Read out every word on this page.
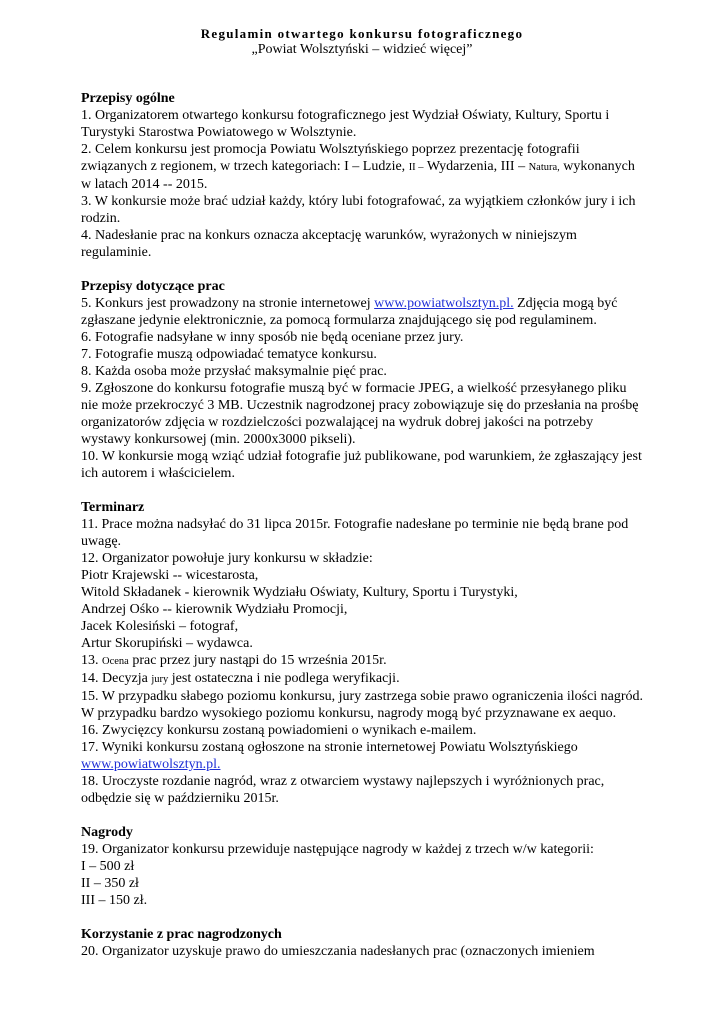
Regulamin otwartego konkursu fotograficznego
„Powiat Wolsztyński – widzieć więcej”
Przepisy ogólne
1. Organizatorem otwartego konkursu fotograficznego jest Wydział Oświaty, Kultury, Sportu i Turystyki Starostwa Powiatowego w Wolsztynie.
2. Celem konkursu jest promocja Powiatu Wolsztyńskiego poprzez prezentację fotografii związanych z regionem, w trzech kategoriach: I – Ludzie, II – Wydarzenia, III – Natura, wykonanych w latach 2014 -- 2015.
3. W konkursie może brać udział każdy, który lubi fotografować, za wyjątkiem członków jury i ich rodzin.
4. Nadesłanie prac na konkurs oznacza akceptację warunków, wyrażonych w niniejszym regulaminie.
Przepisy dotyczące prac
5. Konkurs jest prowadzony na stronie internetowej www.powiatwolsztyn.pl. Zdjęcia mogą być zgłaszane jedynie elektronicznie, za pomocą formularza znajdującego się pod regulaminem.
6. Fotografie nadsyłane w inny sposób nie będą oceniane przez jury.
7. Fotografie muszą odpowiadać tematyce konkursu.
8. Każda osoba może przysłać maksymalnie pięć prac.
9. Zgłoszone do konkursu fotografie muszą być w formacie JPEG, a wielkość przesyłanego pliku nie może przekroczyć 3 MB. Uczestnik nagrodzonej pracy zobowiązuje się do przesłania na prośbę organizatorów zdjęcia w rozdzielczości pozwalającej na wydruk dobrej jakości na potrzeby wystawy konkursowej (min. 2000x3000 pikseli).
10. W konkursie mogą wziąć udział fotografie już publikowane, pod warunkiem, że zgłaszający jest ich autorem i właścicielem.
Terminarz
11. Prace można nadsyłać do 31 lipca 2015r. Fotografie nadesłane po terminie nie będą brane pod uwagę.
12. Organizator powołuje jury konkursu w składzie:
Piotr Krajewski -- wicestarosta,
Witold Składanek - kierownik Wydziału Oświaty, Kultury, Sportu i Turystyki,
Andrzej Ośko -- kierownik Wydziału Promocji,
Jacek Kolesiński – fotograf,
Artur Skorupiński – wydawca.
13. Ocena prac przez jury nastąpi do 15 września 2015r.
14. Decyzja jury jest ostateczna i nie podlega weryfikacji.
15. W przypadku słabego poziomu konkursu, jury zastrzega sobie prawo ograniczenia ilości nagród. W przypadku bardzo wysokiego poziomu konkursu, nagrody mogą być przyznawane ex aequo.
16. Zwycięzcy konkursu zostaną powiadomieni o wynikach e-mailem.
17. Wyniki konkursu zostaną ogłoszone na stronie internetowej Powiatu Wolsztyńskiego www.powiatwolsztyn.pl.
18. Uroczyste rozdanie nagród, wraz z otwarciem wystawy najlepszych i wyróżnionych prac, odbędzie się w październiku 2015r.
Nagrody
19. Organizator konkursu przewiduje następujące nagrody w każdej z trzech w/w kategorii:
I – 500 zł
II – 350 zł
III – 150 zł.
Korzystanie z prac nagrodzonych
20. Organizator uzyskuje prawo do umieszczania nadesłanych prac (oznaczonych imieniem
